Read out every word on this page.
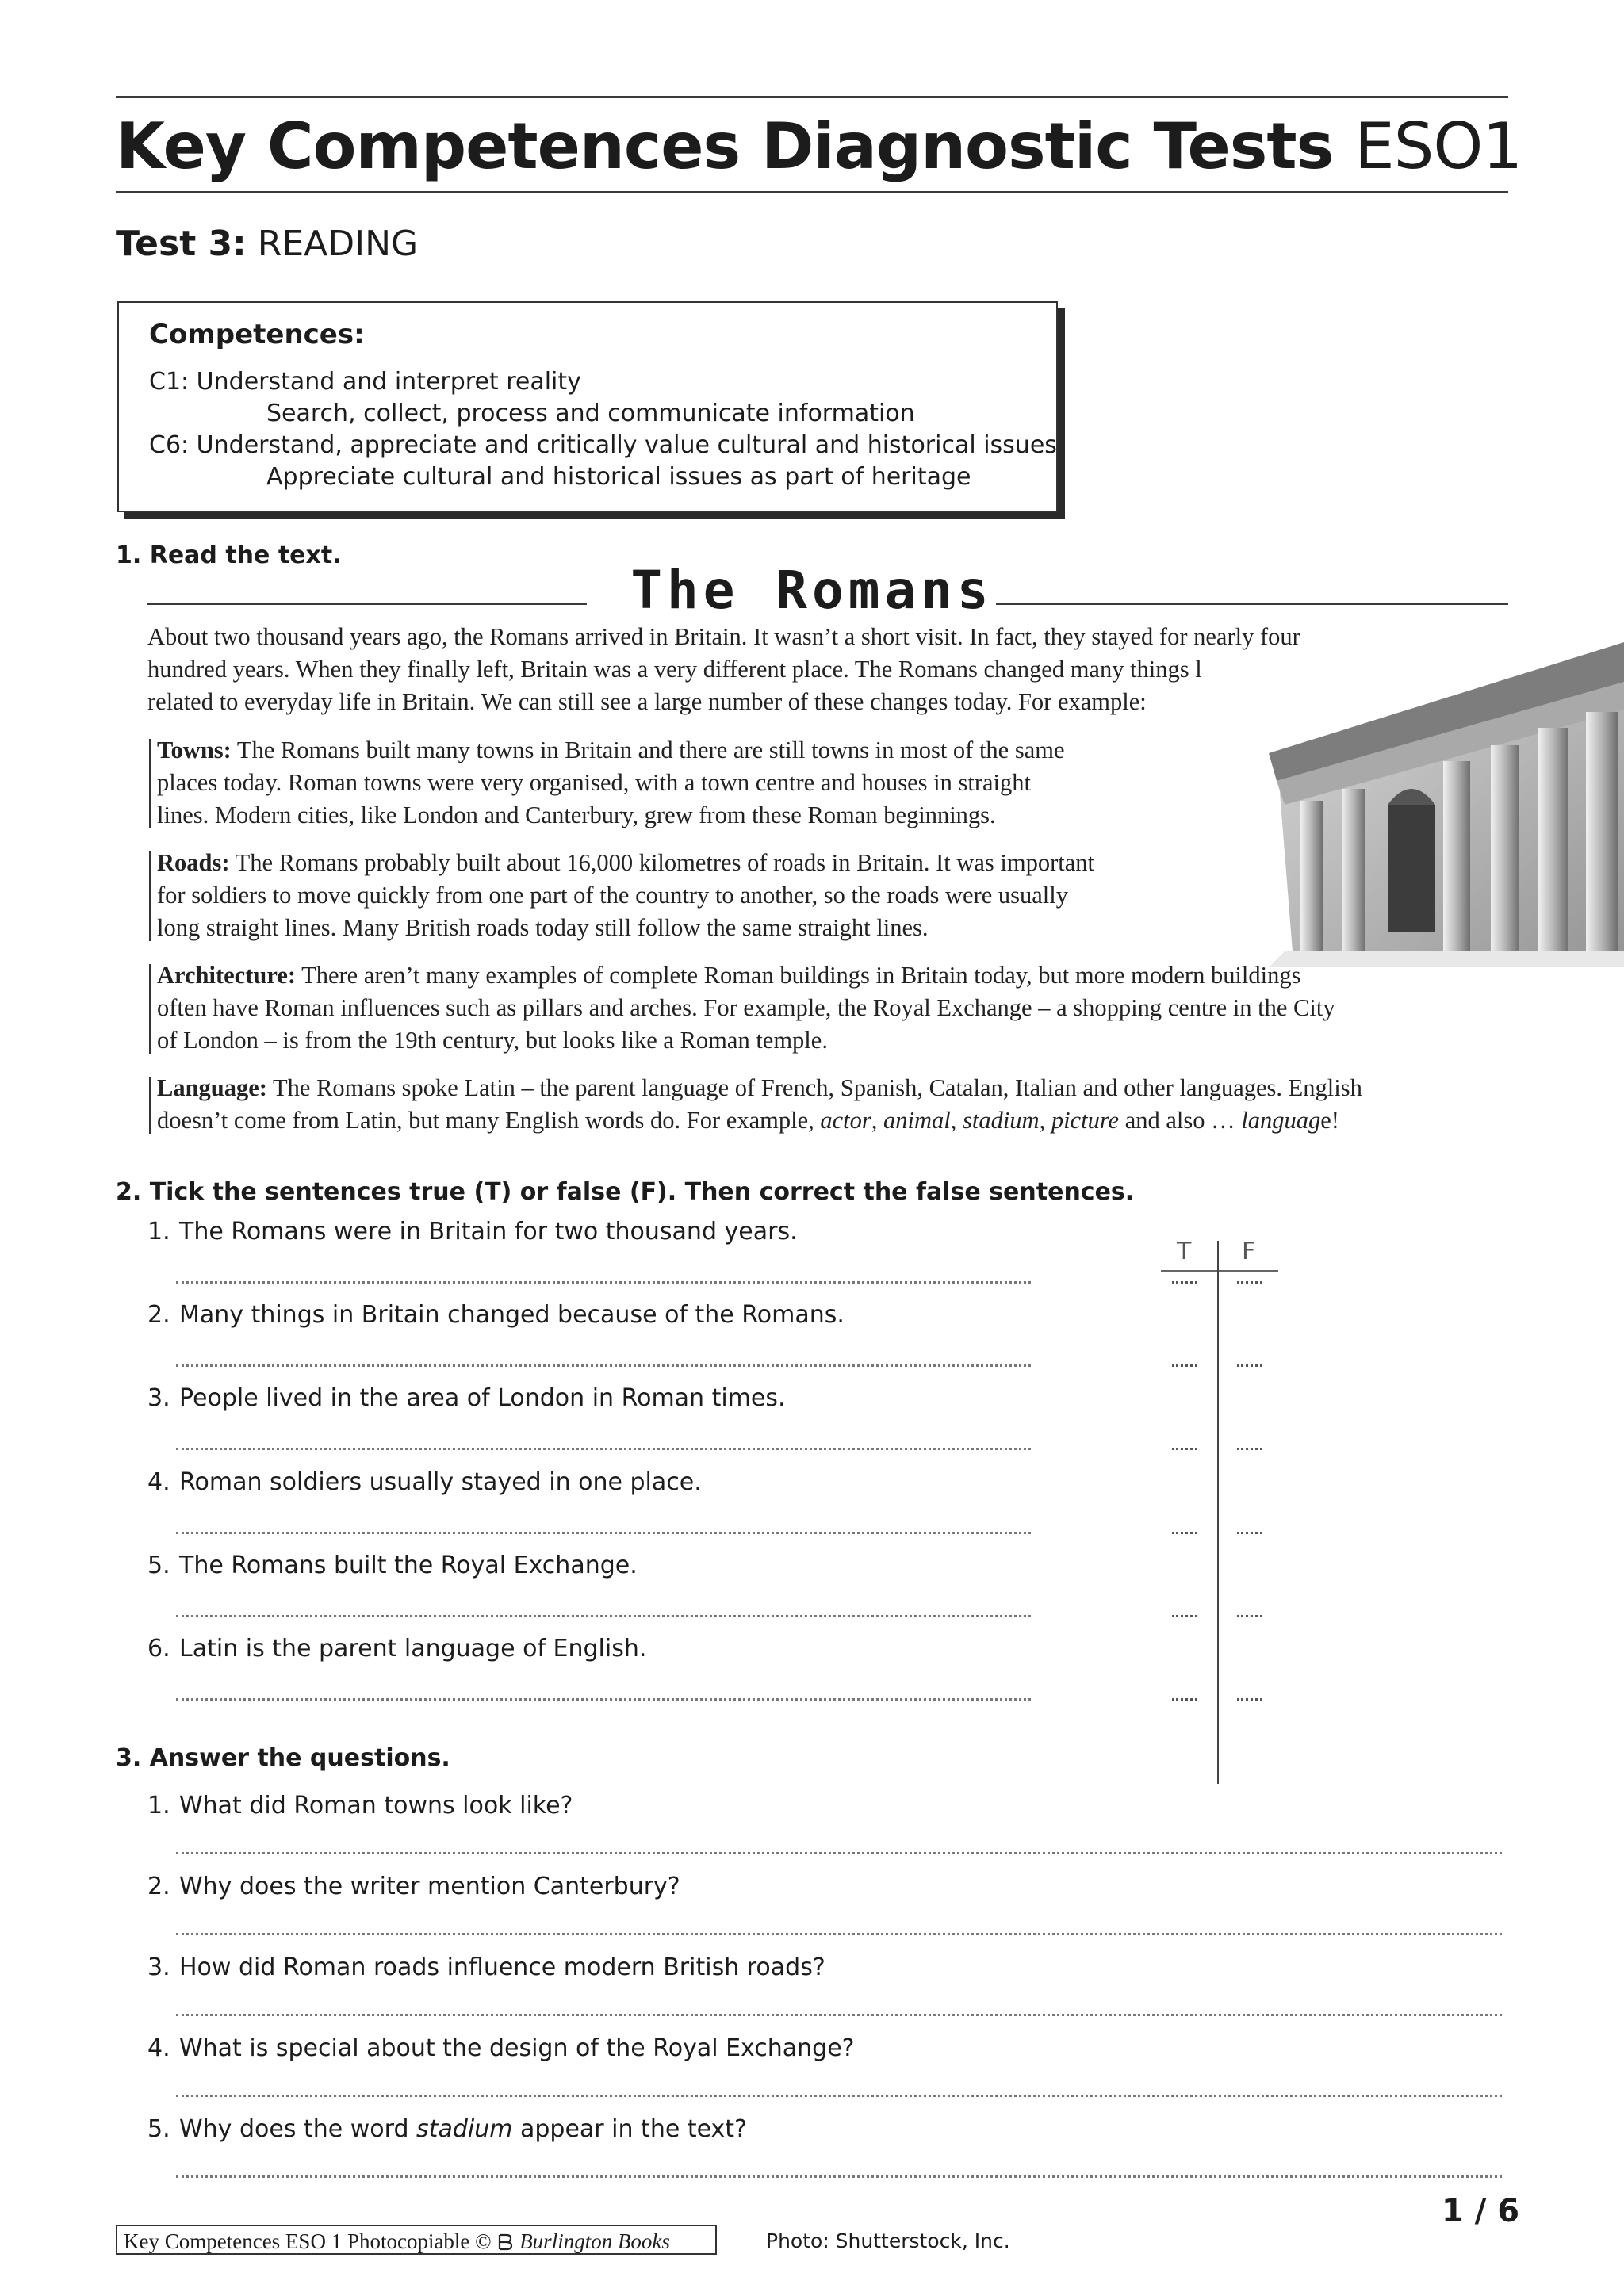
Key Competences Diagnostic Tests ESO1
Test 3: READING
Competences:
C1: Understand and interpret reality
Search, collect, process and communicate information
C6: Understand, appreciate and critically value cultural and historical issues
Appreciate cultural and historical issues as part of heritage
1. Read the text.
The Romans
About two thousand years ago, the Romans arrived in Britain. It wasn’t a short visit. In fact, they stayed for nearly four
hundred years. When they finally left, Britain was a very different place. The Romans changed many things l
related to everyday life in Britain. We can still see a large number of these changes today. For example:
Towns: The Romans built many towns in Britain and there are still towns in most of the same
places today. Roman towns were very organised, with a town centre and houses in straight
lines. Modern cities, like London and Canterbury, grew from these Roman beginnings.
Roads: The Romans probably built about 16,000 kilometres of roads in Britain. It was important
for soldiers to move quickly from one part of the country to another, so the roads were usually
long straight lines. Many British roads today still follow the same straight lines.
Architecture: There aren’t many examples of complete Roman buildings in Britain today, but more modern buildings
often have Roman influences such as pillars and arches. For example, the Royal Exchange – a shopping centre in the City
of London – is from the 19th century, but looks like a Roman temple.
Language: The Romans spoke Latin – the parent language of French, Spanish, Catalan, Italian and other languages. English
doesn’t come from Latin, but many English words do. For example, actor, animal, stadium, picture and also … language!
2. Tick the sentences true (T) or false (F). Then correct the false sentences.
T F
1. The Romans were in Britain for two thousand years.
2. Many things in Britain changed because of the Romans.
3. People lived in the area of London in Roman times.
4. Roman soldiers usually stayed in one place.
5. The Romans built the Royal Exchange.
6. Latin is the parent language of English.
3. Answer the questions.
1. What did Roman towns look like?
2. Why does the writer mention Canterbury?
3. How did Roman roads influence modern British roads?
4. What is special about the design of the Royal Exchange?
5. Why does the word stadium appear in the text?
1 / 6
Key Competences ESO 1 Photocopiable ©  Burlington Books	Photo: Shutterstock, Inc.
